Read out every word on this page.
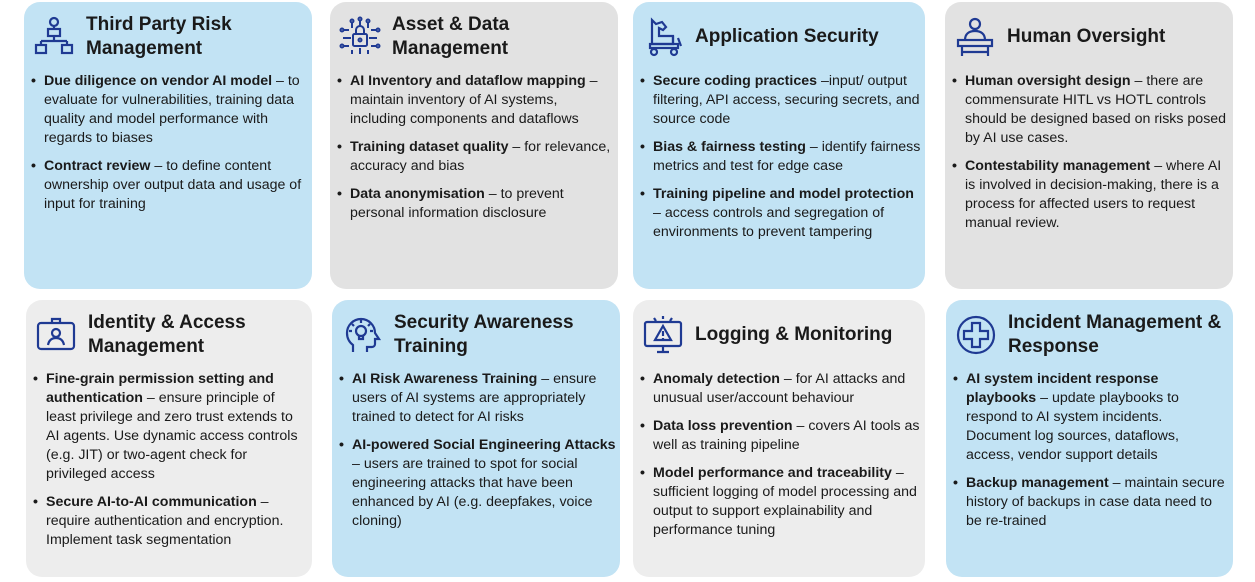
Third Party Risk Management
• Due diligence on vendor AI model – to evaluate for vulnerabilities, training data quality and model performance with regards to biases
• Contract review – to define content ownership over output data and usage of input for training
Asset & Data Management
• AI Inventory and dataflow mapping – maintain inventory of AI systems, including components and dataflows
• Training dataset quality – for relevance, accuracy and bias
• Data anonymisation – to prevent personal information disclosure
Application Security
• Secure coding practices –input/ output filtering, API access, securing secrets, and source code
• Bias & fairness testing – identify fairness metrics and test for edge case
• Training pipeline and model protection – access controls and segregation of environments to prevent tampering
Human Oversight
• Human oversight design – there are commensurate HITL vs HOTL controls should be designed based on risks posed by AI use cases.
• Contestability management – where AI is involved in decision-making, there is a process for affected users to request manual review.
Identity & Access Management
• Fine-grain permission setting and authentication – ensure principle of least privilege and zero trust extends to AI agents. Use dynamic access controls (e.g. JIT) or two-agent check for privileged access
• Secure AI-to-AI communication – require authentication and encryption. Implement task segmentation
Security Awareness Training
• AI Risk Awareness Training – ensure users of AI systems are appropriately trained to detect for AI risks
• AI-powered Social Engineering Attacks – users are trained to spot for social engineering attacks that have been enhanced by AI (e.g. deepfakes, voice cloning)
Logging & Monitoring
• Anomaly detection – for AI attacks and unusual user/account behaviour
• Data loss prevention – covers AI tools as well as training pipeline
• Model performance and traceability – sufficient logging of model processing and output to support explainability and performance tuning
Incident Management & Response
• AI system incident response playbooks – update playbooks to respond to AI system incidents. Document log sources, dataflows, access, vendor support details
• Backup management – maintain secure history of backups in case data need to be re-trained
